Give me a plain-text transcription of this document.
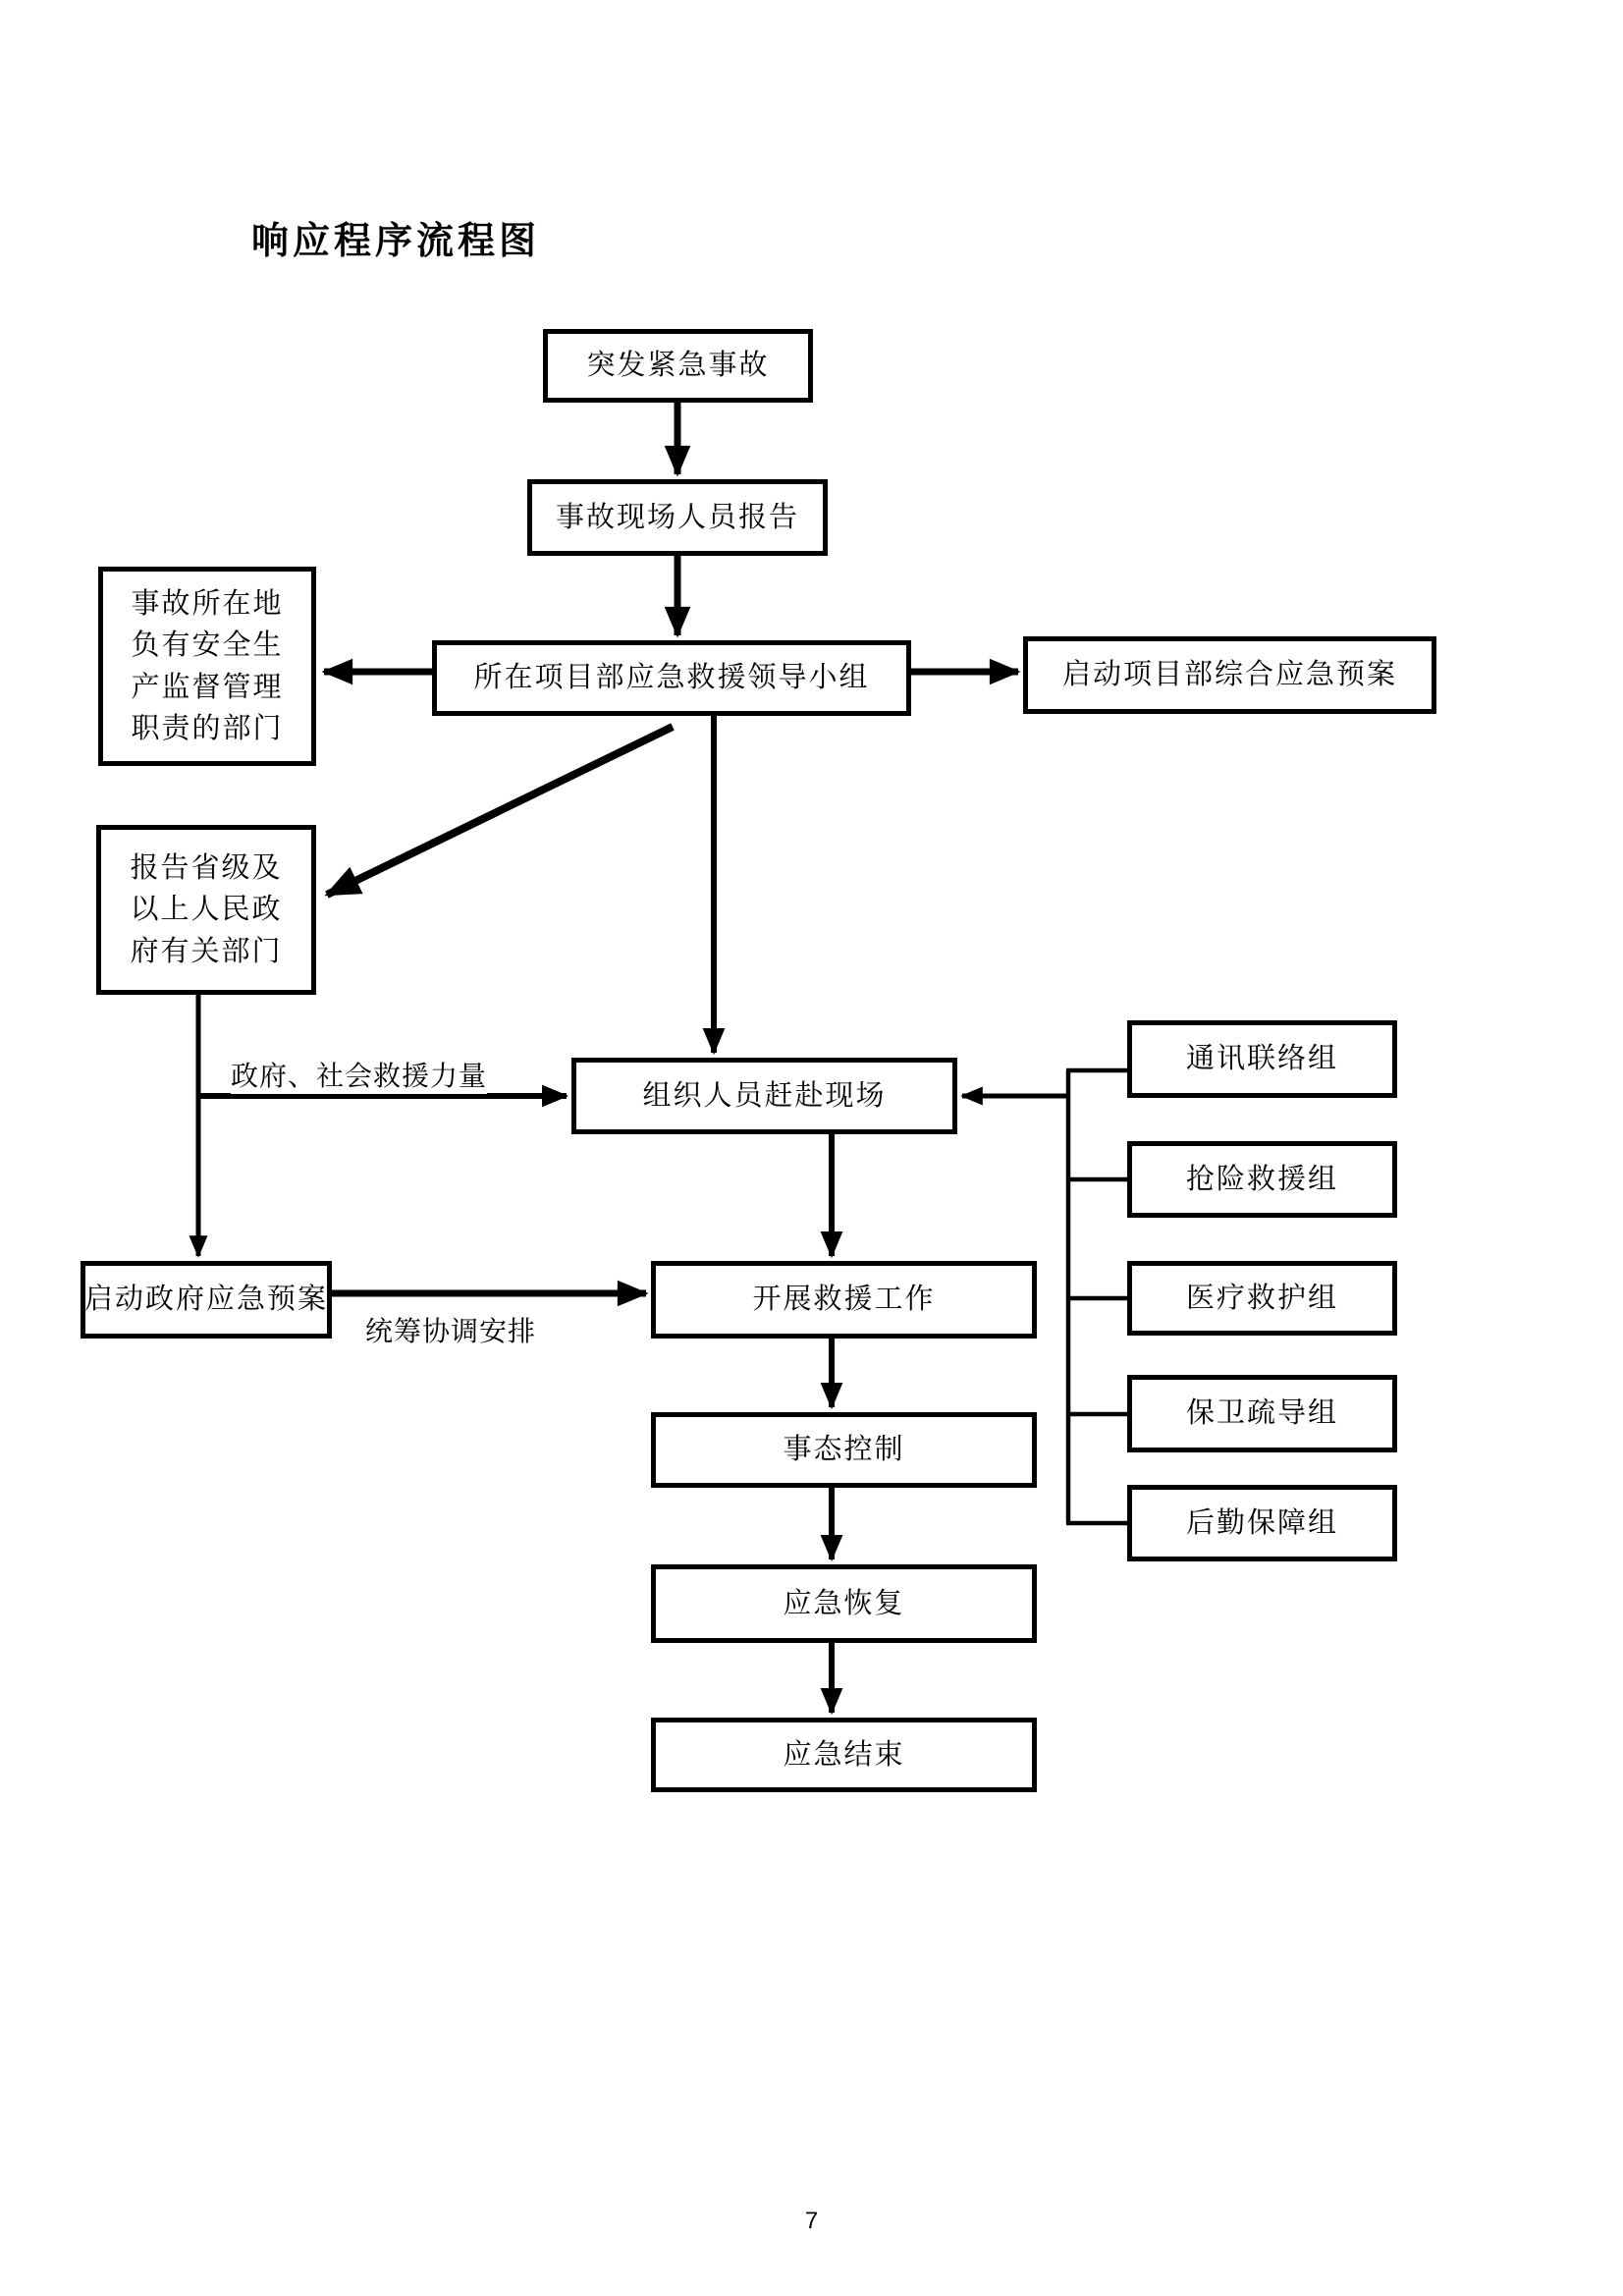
响应程序流程图
突发紧急事故
事故现场人员报告
所在项目部应急救援领导小组
事故所在地负有安全生产监督管理职责的部门
报告省级及以上人民政府有关部门
启动项目部综合应急预案
组织人员赶赴现场
启动政府应急预案	开展救援工作
事态控制
应急恢复
应急结束
通讯联络组
抢险救援组
医疗救护组
保卫疏导组
后勤保障组
政府、社会救援力量
统筹协调安排
7
